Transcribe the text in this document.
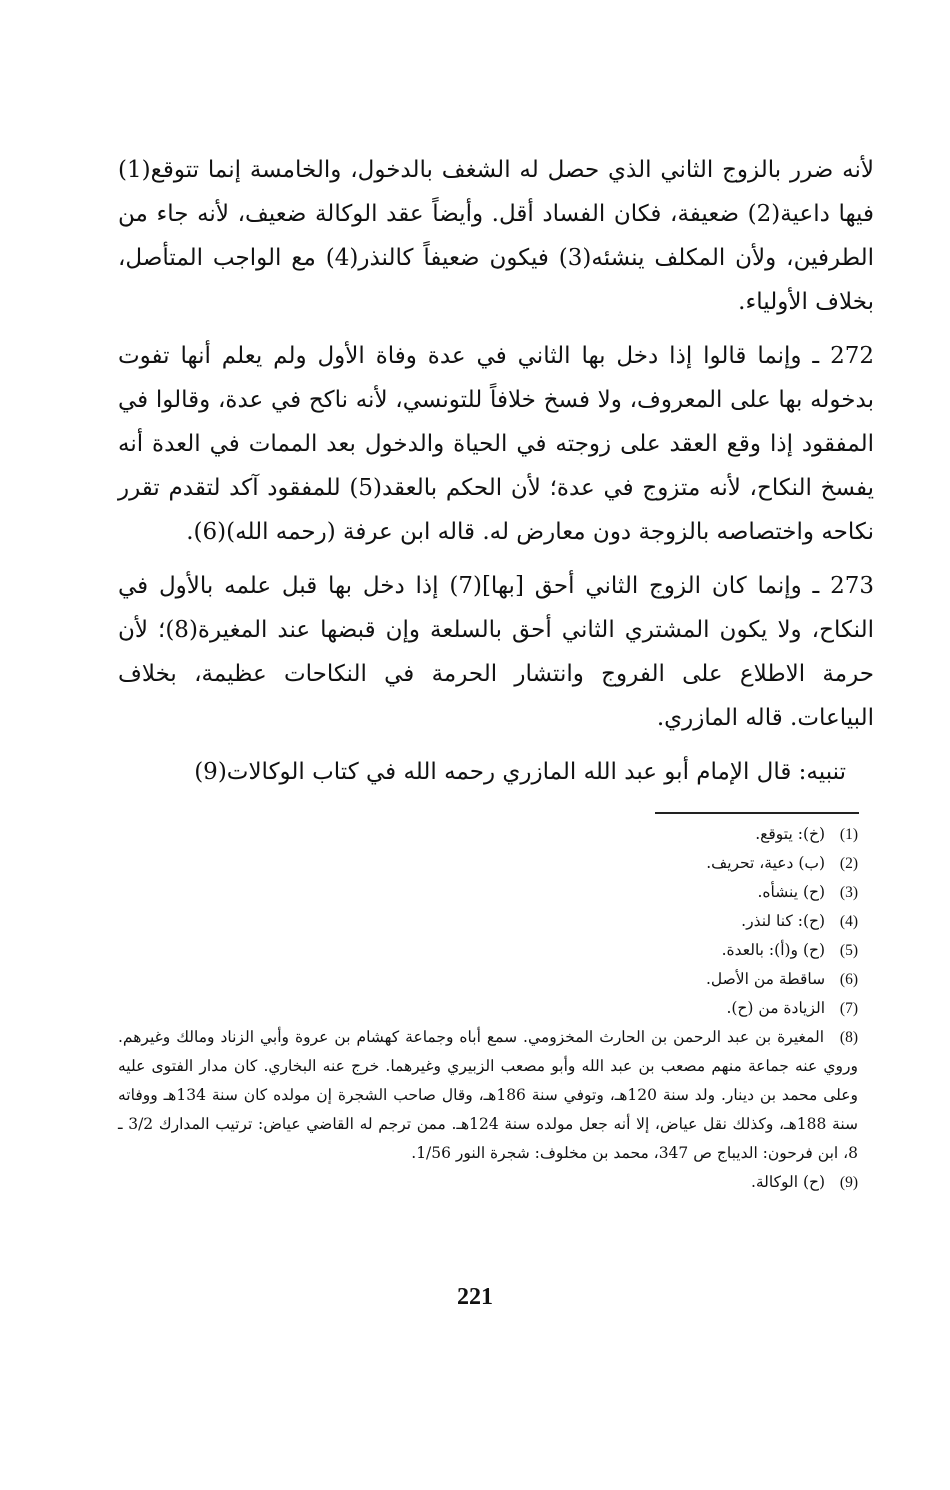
لأنه ضرر بالزوج الثاني الذي حصل له الشغف بالدخول، والخامسة إنما تتوقع(1) فيها داعية(2) ضعيفة، فكان الفساد أقل. وأيضاً عقد الوكالة ضعيف، لأنه جاء من الطرفين، ولأن المكلف ينشئه(3) فيكون ضعيفاً كالنذر(4) مع الواجب المتأصل، بخلاف الأولياء.

272 ـ وإنما قالوا إذا دخل بها الثاني في عدة وفاة الأول ولم يعلم أنها تفوت بدخوله بها على المعروف، ولا فسخ خلافاً للتونسي، لأنه ناكح في عدة، وقالوا في المفقود إذا وقع العقد على زوجته في الحياة والدخول بعد الممات في العدة أنه يفسخ النكاح، لأنه متزوج في عدة؛ لأن الحكم بالعقد(5) للمفقود آكد لتقدم تقرر نكاحه واختصاصه بالزوجة دون معارض له. قاله ابن عرفة (رحمه الله)(6).

273 ـ وإنما كان الزوج الثاني أحق [بها](7) إذا دخل بها قبل علمه بالأول في النكاح، ولا يكون المشتري الثاني أحق بالسلعة وإن قبضها عند المغيرة(8)؛ لأن حرمة الاطلاع على الفروج وانتشار الحرمة في النكاحات عظيمة، بخلاف البياعات. قاله المازري.

تنبيه: قال الإمام أبو عبد الله المازري رحمه الله في كتاب الوكالات(9)

(1) (خ): يتوقع.

(2) (ب) دعية، تحريف.

(3) (ح) ينشأه.

(4) (ح): كنا لنذر.

(5) (ح) و(أ): بالعدة.

(6) ساقطة من الأصل.

(7) الزيادة من (ح).

(8) المغيرة بن عبد الرحمن بن الحارث المخزومي. سمع أباه وجماعة كهشام بن عروة وأبي الزناد ومالك وغيرهم. وروي عنه جماعة منهم مصعب بن عبد الله وأبو مصعب الزبيري وغيرهما. خرج عنه البخاري. كان مدار الفتوى عليه وعلى محمد بن دينار. ولد سنة 120هـ، وتوفي سنة 186هـ، وقال صاحب الشجرة إن مولده كان سنة 134هـ ووفاته سنة 188هـ، وكذلك نقل عياض، إلا أنه جعل مولده سنة 124هـ. ممن ترجم له القاضي عياض: ترتيب المدارك 3/2 ـ 8، ابن فرحون: الديباج ص 347، محمد بن مخلوف: شجرة النور 1/56.

(9) (ح) الوكالة.

221
